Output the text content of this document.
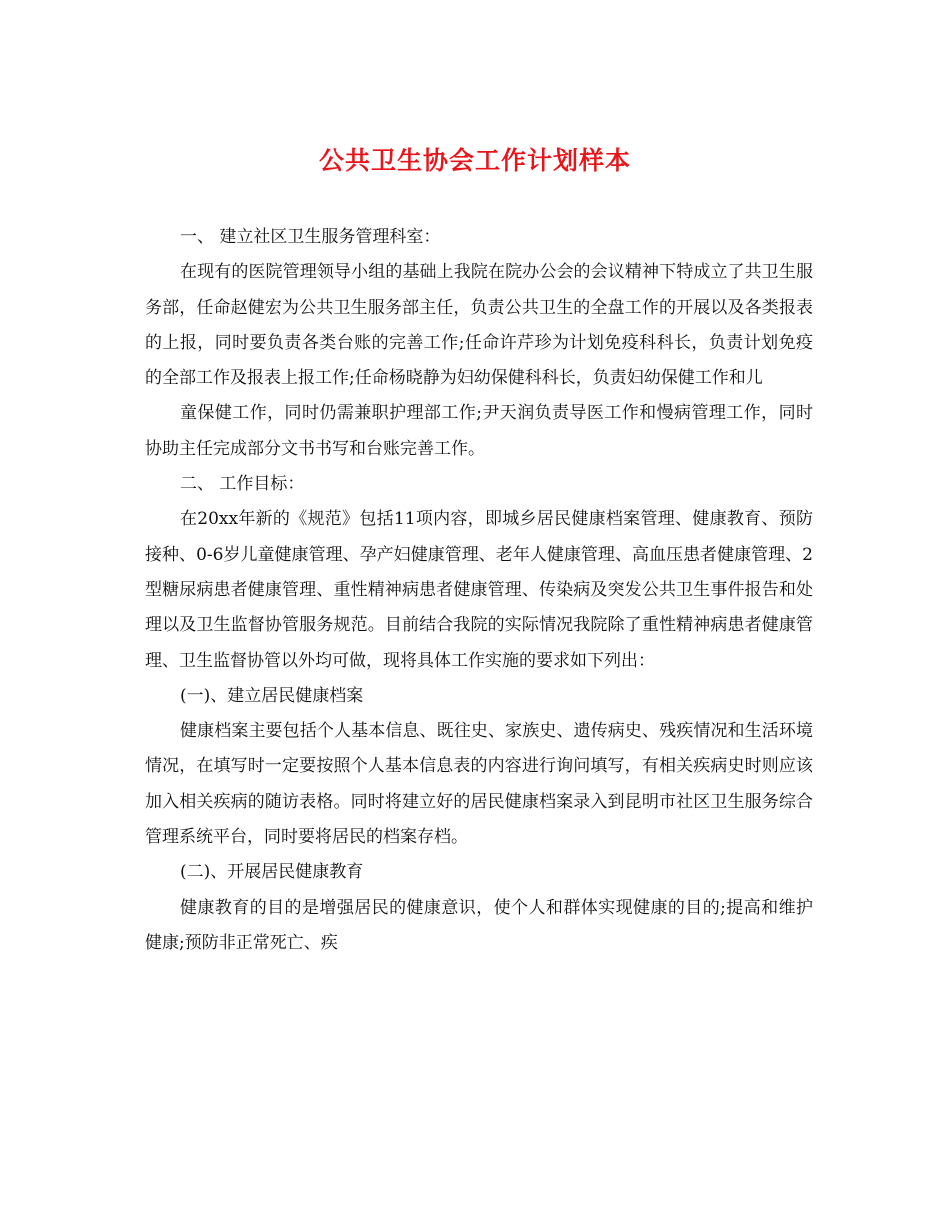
公共卫生协会工作计划样本

一、 建立社区卫生服务管理科室：

在现有的医院管理领导小组的基础上我院在院办公会的会议精神下特成立了共卫生服务部，任命赵健宏为公共卫生服务部主任，负责公共卫生的全盘工作的开展以及各类报表的上报，同时要负责各类台账的完善工作;任命许芹珍为计划免疫科科长，负责计划免疫的全部工作及报表上报工作;任命杨晓静为妇幼保健科科长，负责妇幼保健工作和儿

童保健工作，同时仍需兼职护理部工作;尹天润负责导医工作和慢病管理工作，同时协助主任完成部分文书书写和台账完善工作。

二、 工作目标：

在20xx年新的《规范》包括11项内容，即城乡居民健康档案管理、健康教育、预防接种、0-6岁儿童健康管理、孕产妇健康管理、老年人健康管理、高血压患者健康管理、2型糖尿病患者健康管理、重性精神病患者健康管理、传染病及突发公共卫生事件报告和处理以及卫生监督协管服务规范。目前结合我院的实际情况我院除了重性精神病患者健康管理、卫生监督协管以外均可做，现将具体工作实施的要求如下列出：

(一)、建立居民健康档案

健康档案主要包括个人基本信息、既往史、家族史、遗传病史、残疾情况和生活环境情况，在填写时一定要按照个人基本信息表的内容进行询问填写，有相关疾病史时则应该加入相关疾病的随访表格。同时将建立好的居民健康档案录入到昆明市社区卫生服务综合管理系统平台，同时要将居民的档案存档。

(二)、开展居民健康教育

健康教育的目的是增强居民的健康意识，使个人和群体实现健康的目的;提高和维护健康;预防非正常死亡、疾
